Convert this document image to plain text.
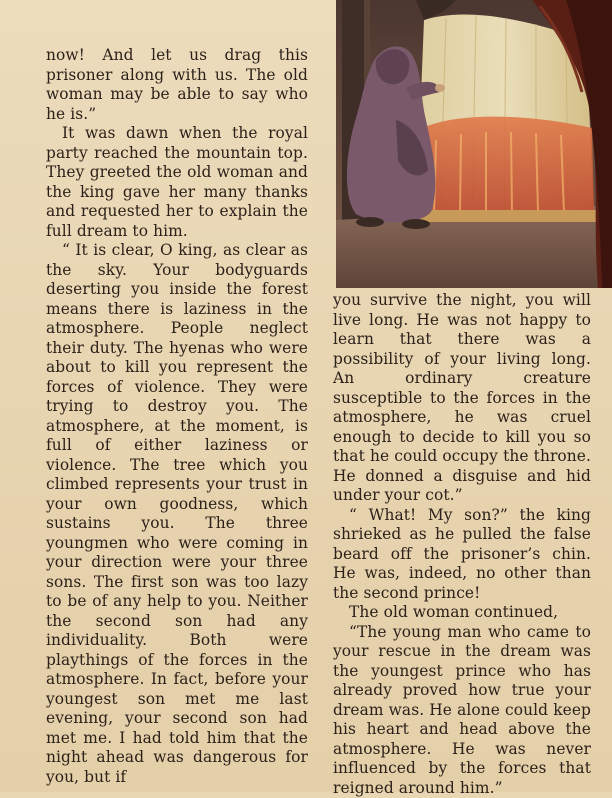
now! And let us drag this prisoner along with us. The old woman may be able to say who he is.”

It was dawn when the royal party reached the mountain top. They greeted the old woman and the king gave her many thanks and requested her to explain the full dream to him.

“ It is clear, O king, as clear as the sky. Your bodyguards deserting you inside the forest means there is laziness in the atmosphere. People neglect their duty. The hyenas who were about to kill you represent the forces of violence. They were trying to destroy you. The atmosphere, at the moment, is full of either laziness or violence. The tree which you climbed represents your trust in your own goodness, which sustains you. The three youngmen who were coming in your direction were your three sons. The first son was too lazy to be of any help to you. Neither the second son had any individuality. Both were playthings of the forces in the atmosphere. In fact, before your youngest son met me last evening, your second son had met me. I had told him that the night ahead was dangerous for you, but if

you survive the night, you will live long. He was not happy to learn that there was a possibility of your living long. An ordinary creature susceptible to the forces in the atmosphere, he was cruel enough to decide to kill you so that he could occupy the throne. He donned a disguise and hid under your cot.”

“ What! My son?” the king shrieked as he pulled the false beard off the prisoner’s chin. He was, indeed, no other than the second prince!

The old woman continued,

“The young man who came to your rescue in the dream was the youngest prince who has already proved how true your dream was. He alone could keep his heart and head above the atmosphere. He was never influenced by the forces that reigned around him.”
